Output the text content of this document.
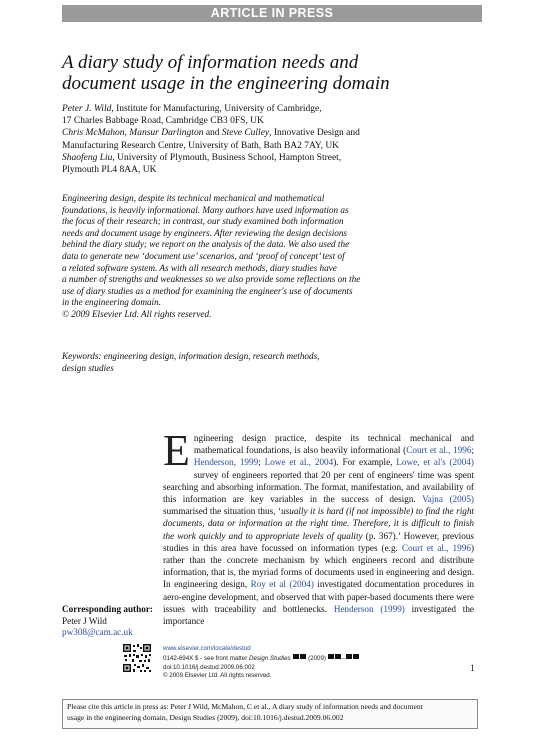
ARTICLE IN PRESS
A diary study of information needs and
document usage in the engineering domain
Peter J. Wild, Institute for Manufacturing, University of Cambridge,
17 Charles Babbage Road, Cambridge CB3 0FS, UK
Chris McMahon, Mansur Darlington and Steve Culley, Innovative Design and
Manufacturing Research Centre, University of Bath, Bath BA2 7AY, UK
Shaofeng Liu, University of Plymouth, Business School, Hampton Street,
Plymouth PL4 8AA, UK

Engineering design, despite its technical mechanical and mathematical

foundations, is heavily informational. Many authors have used information as

the focus of their research; in contrast, our study examined both information

needs and document usage by engineers. After reviewing the design decisions

behind the diary study; we report on the analysis of the data. We also used the

data to generate new ‘document use’ scenarios, and ‘proof of concept’ test of

a related software system. As with all research methods, diary studies have

a number of strengths and weaknesses so we also provide some reflections on the

use of diary studies as a method for examining the engineer's use of documents

in the engineering domain.

© 2009 Elsevier Ltd. All rights reserved.

Keywords: engineering design, information design, research methods,
design studies
Engineering design practice, despite its technical mechanical and mathematical foundations, is also heavily informational (Court et al., 1996; Henderson, 1999; Lowe et al., 2004). For example, Lowe, et al's (2004) survey of engineers reported that 20 per cent of engineers' time was spent searching and absorbing information. The format, manifestation, and availability of this information are key variables in the success of design. Vajna (2005) summarised the situation thus, ‘usually it is hard (if not impossible) to find the right documents, data or information at the right time. Therefore, it is difficult to finish the work quickly and to appropriate levels of quality (p. 367).’ However, previous studies in this area have focussed on information types (e.g. Court et al., 1996) rather than the concrete mechanism by which engineers record and distribute information, that is, the myriad forms of documents used in engineering and design. In engineering design, Roy et al (2004) investigated documentation procedures in aero-engine development, and observed that with paper-based documents there were issues with traceability and bottlenecks. Henderson (1999) investigated the importance
Corresponding author:
Peter J Wild
pw308@cam.ac.uk
www.elsevier.com/locate/destud
0142-694X $ - see front matter Design Studies	(2009) –
doi:10.1016/j.destud.2009.06.002
© 2009 Elsevier Ltd. All rights reserved.
1
Please cite this article in press as: Peter J Wild, McMahon, C et al., A diary study of information needs and document
usage in the engineering domain, Design Studies (2009), doi:10.1016/j.destud.2009.06.002
